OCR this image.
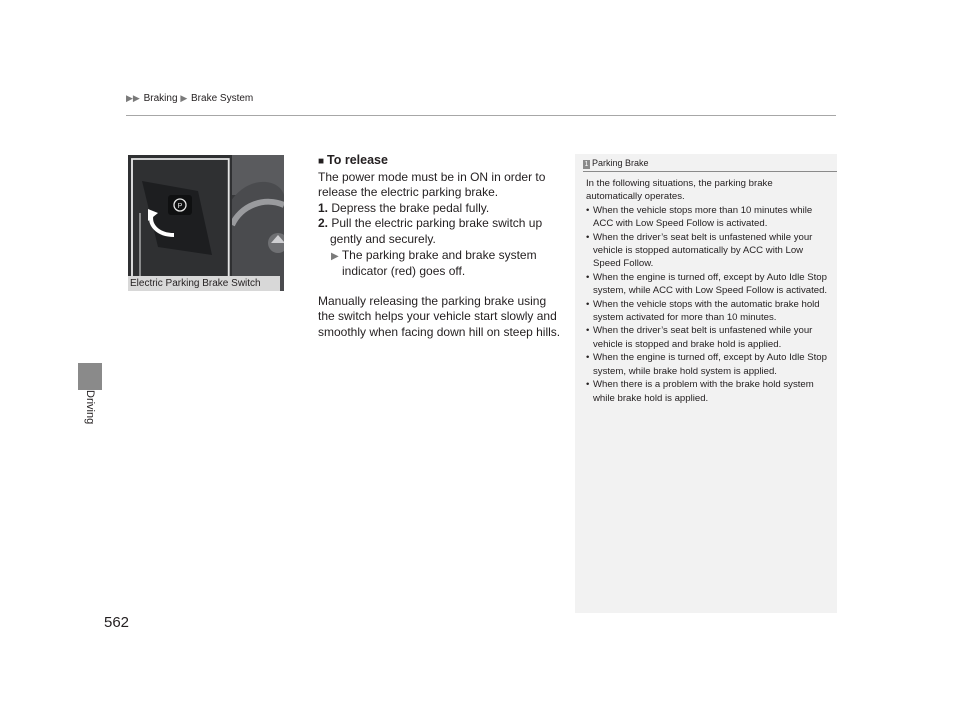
▶▶ Braking ▶ Brake System
Driving
562
P
Electric Parking Brake Switch

■ To release

The power mode must be in ON in order to release the electric parking brake.

1. Depress the brake pedal fully.

2. Pull the electric parking brake switch up gently and securely.

▶ The parking brake and brake system indicator (red) goes off.

Manually releasing the parking brake using the switch helps your vehicle start slowly and smoothly when facing down hill on steep hills.

1 Parking Brake

In the following situations, the parking brake automatically operates.

• When the vehicle stops more than 10 minutes while ACC with Low Speed Follow is activated.
• When the driver’s seat belt is unfastened while your vehicle is stopped automatically by ACC with Low Speed Follow.
• When the engine is turned off, except by Auto Idle Stop system, while ACC with Low Speed Follow is activated.
• When the vehicle stops with the automatic brake hold system activated for more than 10 minutes.
• When the driver’s seat belt is unfastened while your vehicle is stopped and brake hold is applied.
• When the engine is turned off, except by Auto Idle Stop system, while brake hold system is applied.
• When there is a problem with the brake hold system while brake hold is applied.
